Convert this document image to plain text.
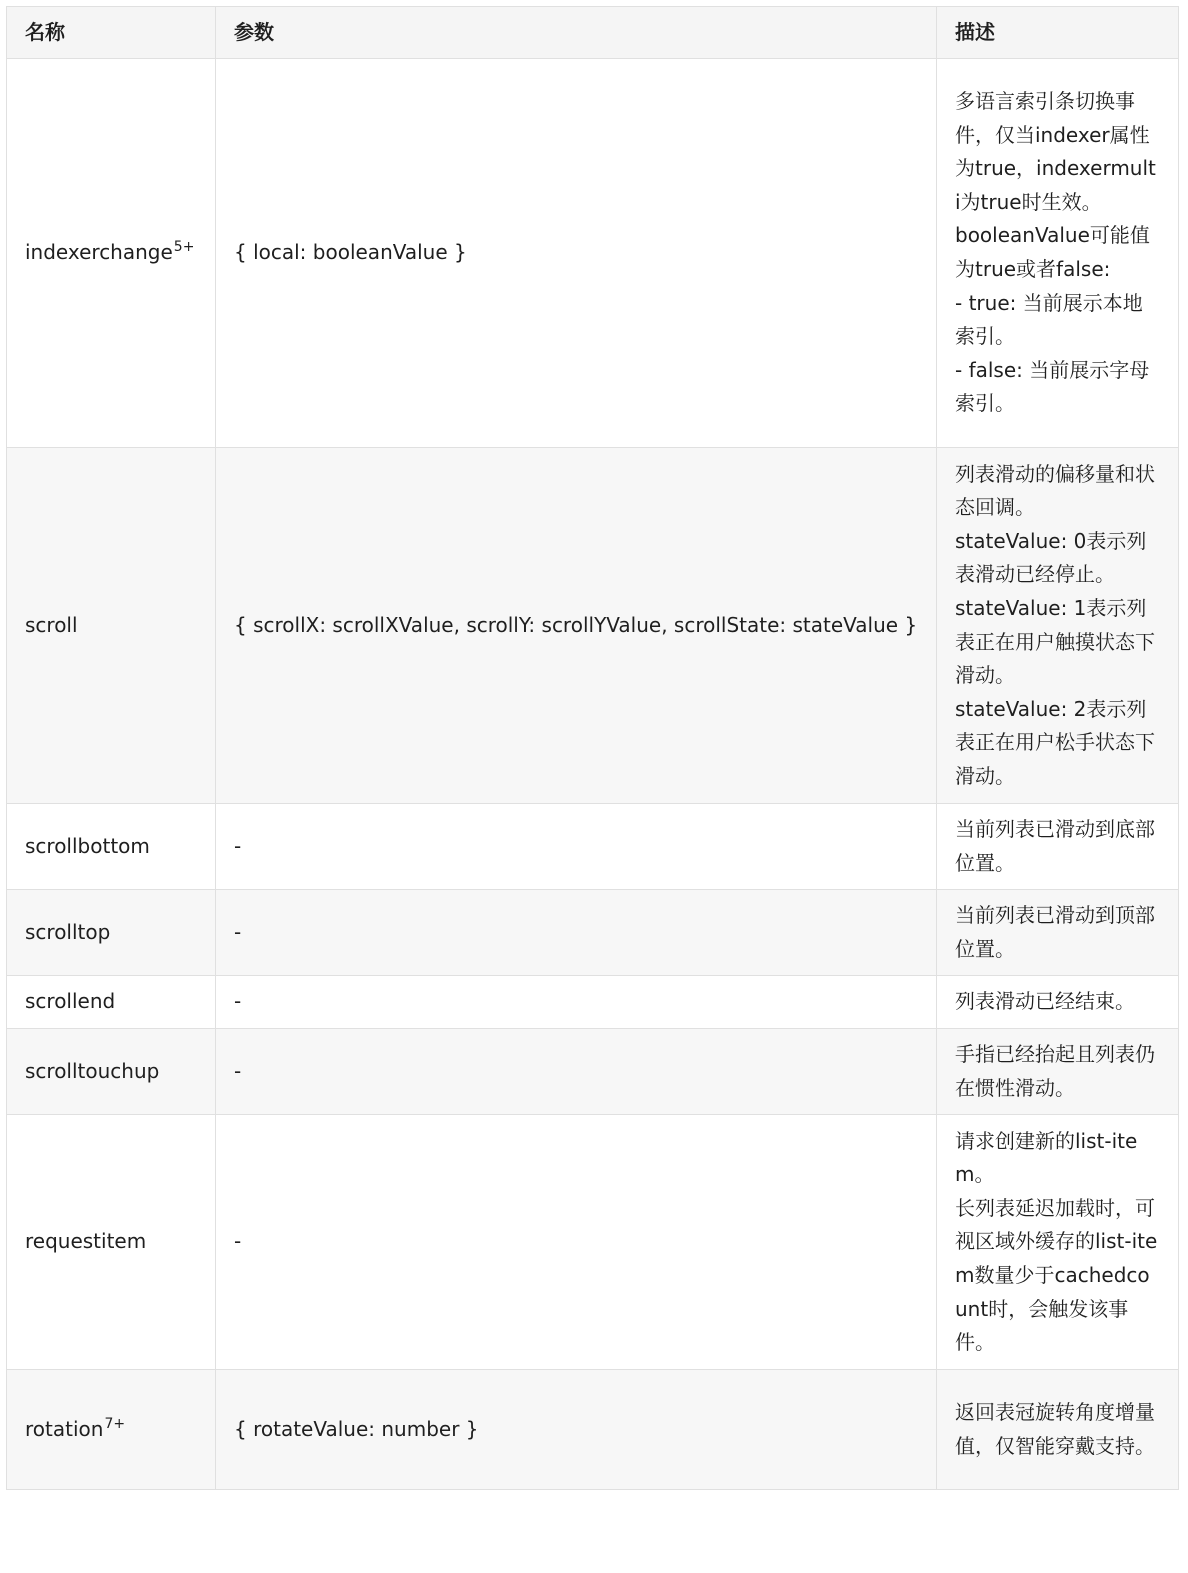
名称	参数	描述
indexerchange$^{5+}$	{ local: booleanValue }	多语言索引条切换事件，仅当indexer属性为true，indexermulti为true时生效。
booleanValue可能值为true或者false:
- true: 当前展示本地索引。
- false: 当前展示字母索引。
scroll	{ scrollX: scrollXValue, scrollY: scrollYValue, scrollState: stateValue }	列表滑动的偏移量和状态回调。
stateValue: 0表示列表滑动已经停止。
stateValue: 1表示列表正在用户触摸状态下滑动。
stateValue: 2表示列表正在用户松手状态下滑动。
scrollbottom	-	当前列表已滑动到底部位置。
scrolltop	-	当前列表已滑动到顶部位置。
scrollend	-	列表滑动已经结束。
scrolltouchup	-	手指已经抬起且列表仍在惯性滑动。
requestitem	-	请求创建新的list-item。
长列表延迟加载时，可视区域外缓存的list-item数量少于cachedcount时，会触发该事件。
rotation$^{7+}$	{ rotateValue: number }	返回表冠旋转角度增量值，仅智能穿戴支持。
